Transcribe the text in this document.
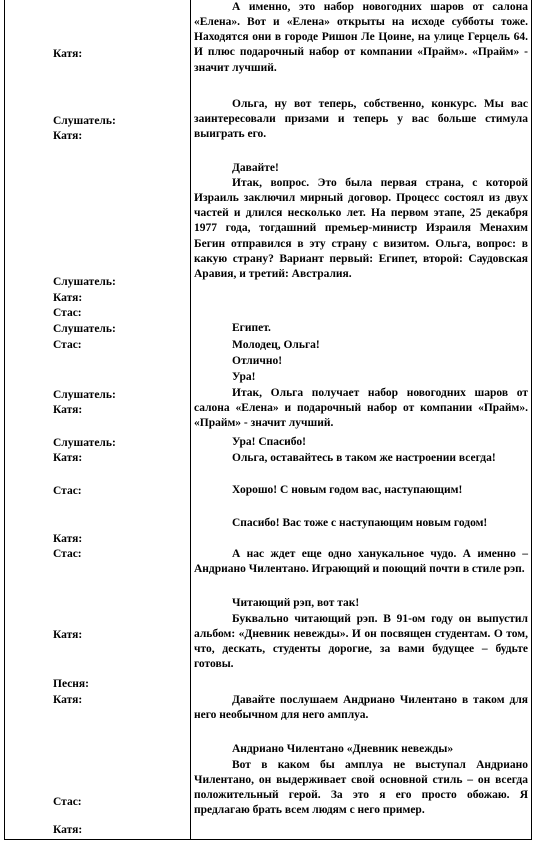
Катя:
Слушатель:
Катя:
Слушатель:
Катя:
Стас:
Слушатель:
Стас:
Слушатель:
Катя:
Слушатель:
Катя:
Стас:
Катя:
Стас:
Катя:
Песня:
Катя:
Стас:
Катя:
А именно, это набор новогодних шаров от салона «Елена». Вот и «Елена» открыты на исходе субботы тоже. Находятся они в городе Ришон Ле Цоине, на улице Герцель 64. И плюс подарочный набор от компании «Прайм». «Прайм» - значит лучший.
Ольга, ну вот теперь, собственно, конкурс. Мы вас заинтересовали призами и теперь у вас больше стимула выиграть его.
Давайте!
Итак, вопрос. Это была первая страна, с которой Израиль заключил мирный договор. Процесс состоял из двух частей и длился несколько лет. На первом этапе, 25 декабря 1977 года, тогдашний премьер-министр Израиля Менахим Бегин отправился в эту страну с визитом. Ольга, вопрос: в какую страну? Вариант первый: Египет, второй: Саудовская Аравия, и третий: Австралия.
Египет.
Молодец, Ольга!
Отлично!
Ура!
Итак, Ольга получает набор новогодних шаров от салона «Елена» и подарочный набор от компании «Прайм». «Прайм» - значит лучший.
Ура! Спасибо!
Ольга, оставайтесь в таком же настроении всегда!
Хорошо! С новым годом вас, наступающим!
Спасибо! Вас тоже с наступающим новым годом!
А нас ждет еще одно ханукальное чудо. А именно – Андриано Чилентано. Играющий и поющий почти в стиле рэп.
Читающий рэп, вот так!
Буквально читающий рэп. В 91-ом году он выпустил альбом: «Дневник невежды». И он посвящен студентам. О том, что, дескать, студенты дорогие, за вами будущее – будьте готовы.
Давайте послушаем Андриано Чилентано в таком для него необычном для него амплуа.
Андриано Чилентано «Дневник невежды»
Вот в каком бы амплуа не выступал Андриано Чилентано, он выдерживает свой основной стиль – он всегда положительный герой. За это я его просто обожаю. Я предлагаю брать всем людям с него пример.
